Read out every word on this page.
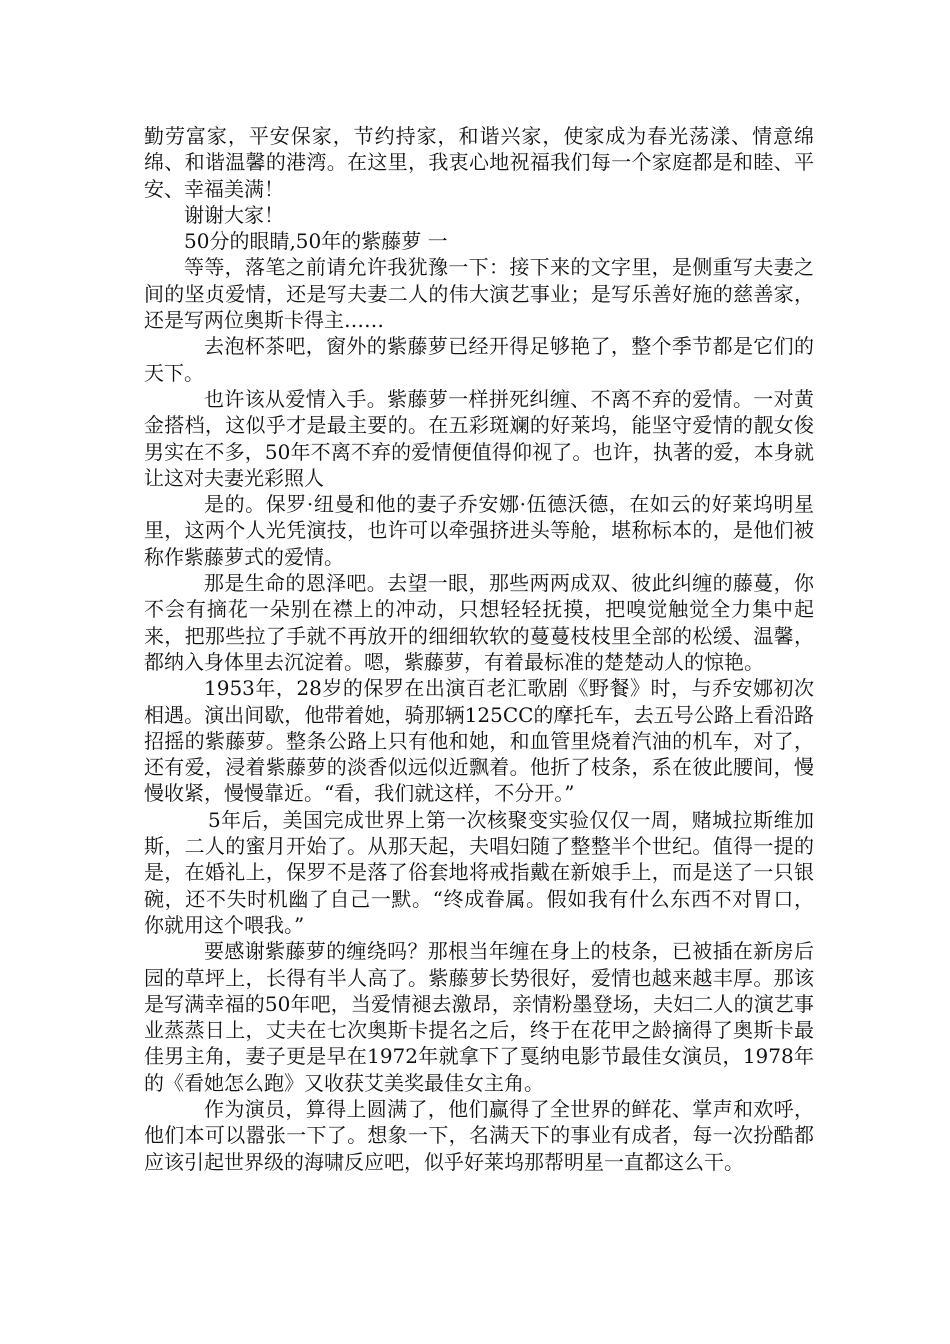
勤劳富家，平安保家，节约持家，和谐兴家，使家成为春光荡漾、情意绵绵、和谐温馨的港湾。在这里，我衷心地祝福我们每一个家庭都是和睦、平安、幸福美满！

谢谢大家！

50分的眼睛,50年的紫藤萝 一

等等，落笔之前请允许我犹豫一下：接下来的文字里，是侧重写夫妻之间的坚贞爱情，还是写夫妻二人的伟大演艺事业；是写乐善好施的慈善家，还是写两位奥斯卡得主……

去泡杯茶吧，窗外的紫藤萝已经开得足够艳了，整个季节都是它们的天下。

也许该从爱情入手。紫藤萝一样拼死纠缠、不离不弃的爱情。一对黄金搭档，这似乎才是最主要的。在五彩斑斓的好莱坞，能坚守爱情的靓女俊男实在不多，50年不离不弃的爱情便值得仰视了。也许，执著的爱，本身就让这对夫妻光彩照人

是的。保罗·纽曼和他的妻子乔安娜·伍德沃德，在如云的好莱坞明星里，这两个人光凭演技，也许可以牵强挤进头等舱，堪称标本的，是他们被称作紫藤萝式的爱情。

那是生命的恩泽吧。去望一眼，那些两两成双、彼此纠缠的藤蔓，你不会有摘花一朵别在襟上的冲动，只想轻轻抚摸，把嗅觉触觉全力集中起来，把那些拉了手就不再放开的细细软软的蔓蔓枝枝里全部的松缓、温馨，都纳入身体里去沉淀着。嗯，紫藤萝，有着最标准的楚楚动人的惊艳。

1953年，28岁的保罗在出演百老汇歌剧《野餐》时，与乔安娜初次相遇。演出间歇，他带着她，骑那辆125CC的摩托车，去五号公路上看沿路招摇的紫藤萝。整条公路上只有他和她，和血管里烧着汽油的机车，对了，还有爱，浸着紫藤萝的淡香似远似近飘着。他折了枝条，系在彼此腰间，慢慢收紧，慢慢靠近。“看，我们就这样，不分开。”

5年后，美国完成世界上第一次核聚变实验仅仅一周，赌城拉斯维加斯，二人的蜜月开始了。从那天起，夫唱妇随了整整半个世纪。值得一提的是，在婚礼上，保罗不是落了俗套地将戒指戴在新娘手上，而是送了一只银碗，还不失时机幽了自己一默。“终成眷属。假如我有什么东西不对胃口，你就用这个喂我。”

要感谢紫藤萝的缠绕吗？那根当年缠在身上的枝条，已被插在新房后园的草坪上，长得有半人高了。紫藤萝长势很好，爱情也越来越丰厚。那该是写满幸福的50年吧，当爱情褪去激昂，亲情粉墨登场，夫妇二人的演艺事业蒸蒸日上，丈夫在七次奥斯卡提名之后，终于在花甲之龄摘得了奥斯卡最佳男主角，妻子更是早在1972年就拿下了戛纳电影节最佳女演员，1978年的《看她怎么跑》又收获艾美奖最佳女主角。

作为演员，算得上圆满了，他们赢得了全世界的鲜花、掌声和欢呼，他们本可以嚣张一下了。想象一下，名满天下的事业有成者，每一次扮酷都应该引起世界级的海啸反应吧，似乎好莱坞那帮明星一直都这么干。
